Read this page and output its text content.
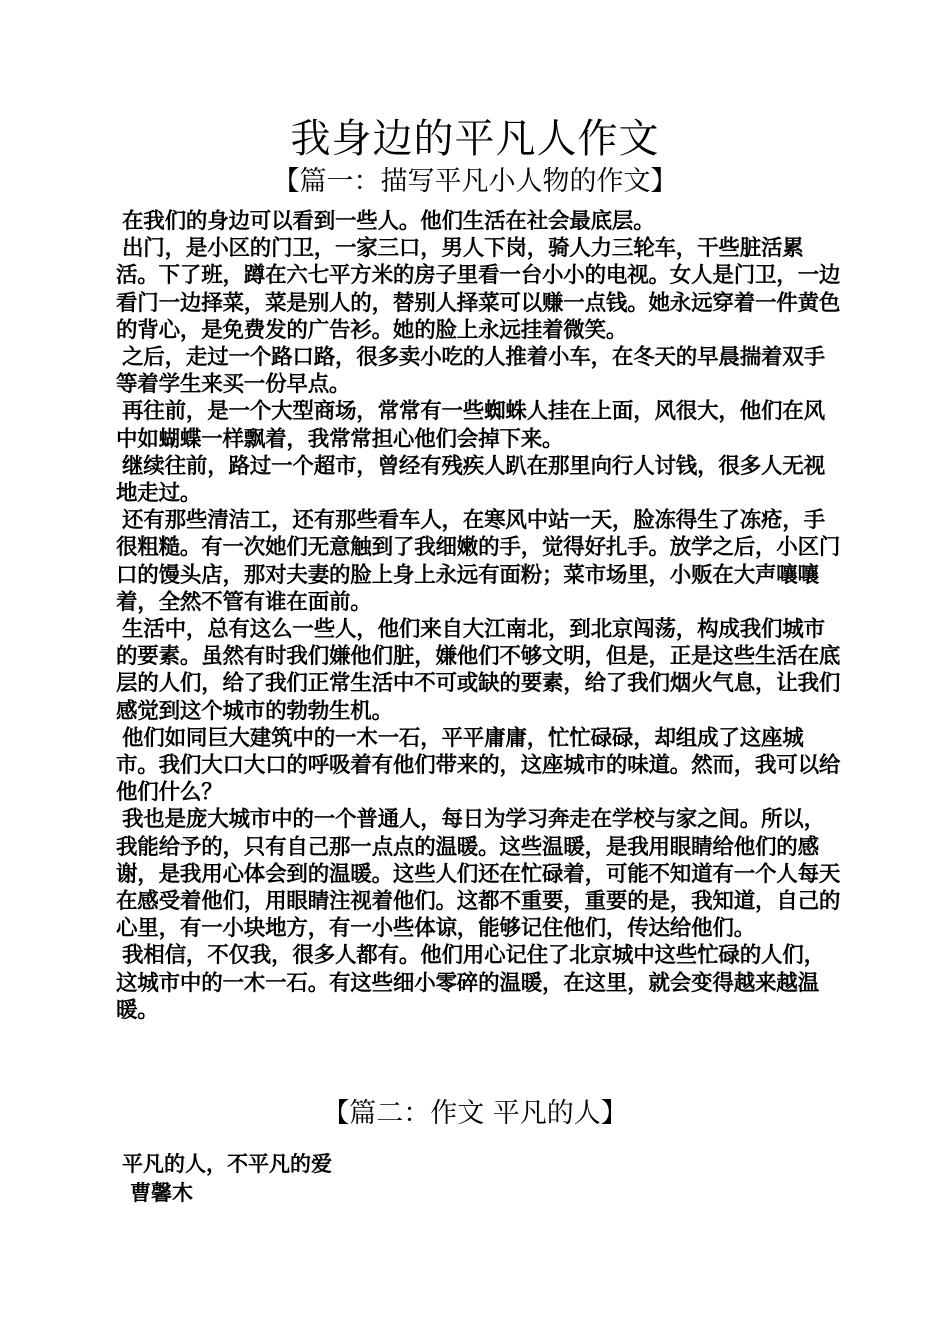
我身边的平凡人作文
【篇一：描写平凡小人物的作文】

在我们的身边可以看到一些人。他们生活在社会最底层。

出门，是小区的门卫，一家三口，男人下岗，骑人力三轮车，干些脏活累活。下了班，蹲在六七平方米的房子里看一台小小的电视。女人是门卫，一边看门一边择菜，菜是别人的，替别人择菜可以赚一点钱。她永远穿着一件黄色的背心，是免费发的广告衫。她的脸上永远挂着微笑。

之后，走过一个路口路，很多卖小吃的人推着小车，在冬天的早晨揣着双手等着学生来买一份早点。

再往前，是一个大型商场，常常有一些蜘蛛人挂在上面，风很大，他们在风中如蝴蝶一样飘着，我常常担心他们会掉下来。

继续往前，路过一个超市，曾经有残疾人趴在那里向行人讨钱，很多人无视地走过。

还有那些清洁工，还有那些看车人，在寒风中站一天，脸冻得生了冻疮，手很粗糙。有一次她们无意触到了我细嫩的手，觉得好扎手。放学之后，小区门口的馒头店，那对夫妻的脸上身上永远有面粉；菜市场里，小贩在大声嚷嚷着，全然不管有谁在面前。

生活中，总有这么一些人，他们来自大江南北，到北京闯荡，构成我们城市的要素。虽然有时我们嫌他们脏，嫌他们不够文明，但是，正是这些生活在底层的人们，给了我们正常生活中不可或缺的要素，给了我们烟火气息，让我们感觉到这个城市的勃勃生机。

他们如同巨大建筑中的一木一石，平平庸庸，忙忙碌碌，却组成了这座城市。我们大口大口的呼吸着有他们带来的，这座城市的味道。然而，我可以给他们什么？

我也是庞大城市中的一个普通人，每日为学习奔走在学校与家之间。所以，我能给予的，只有自己那一点点的温暖。这些温暖，是我用眼睛给他们的感谢，是我用心体会到的温暖。这些人们还在忙碌着，可能不知道有一个人每天在感受着他们，用眼睛注视着他们。这都不重要，重要的是，我知道，自己的心里，有一小块地方，有一小些体谅，能够记住他们，传达给他们。

我相信，不仅我，很多人都有。他们用心记住了北京城中这些忙碌的人们，这城市中的一木一石。有这些细小零碎的温暖，在这里，就会变得越来越温暖。

【篇二：作文 平凡的人】

平凡的人，不平凡的爱

曹馨木
